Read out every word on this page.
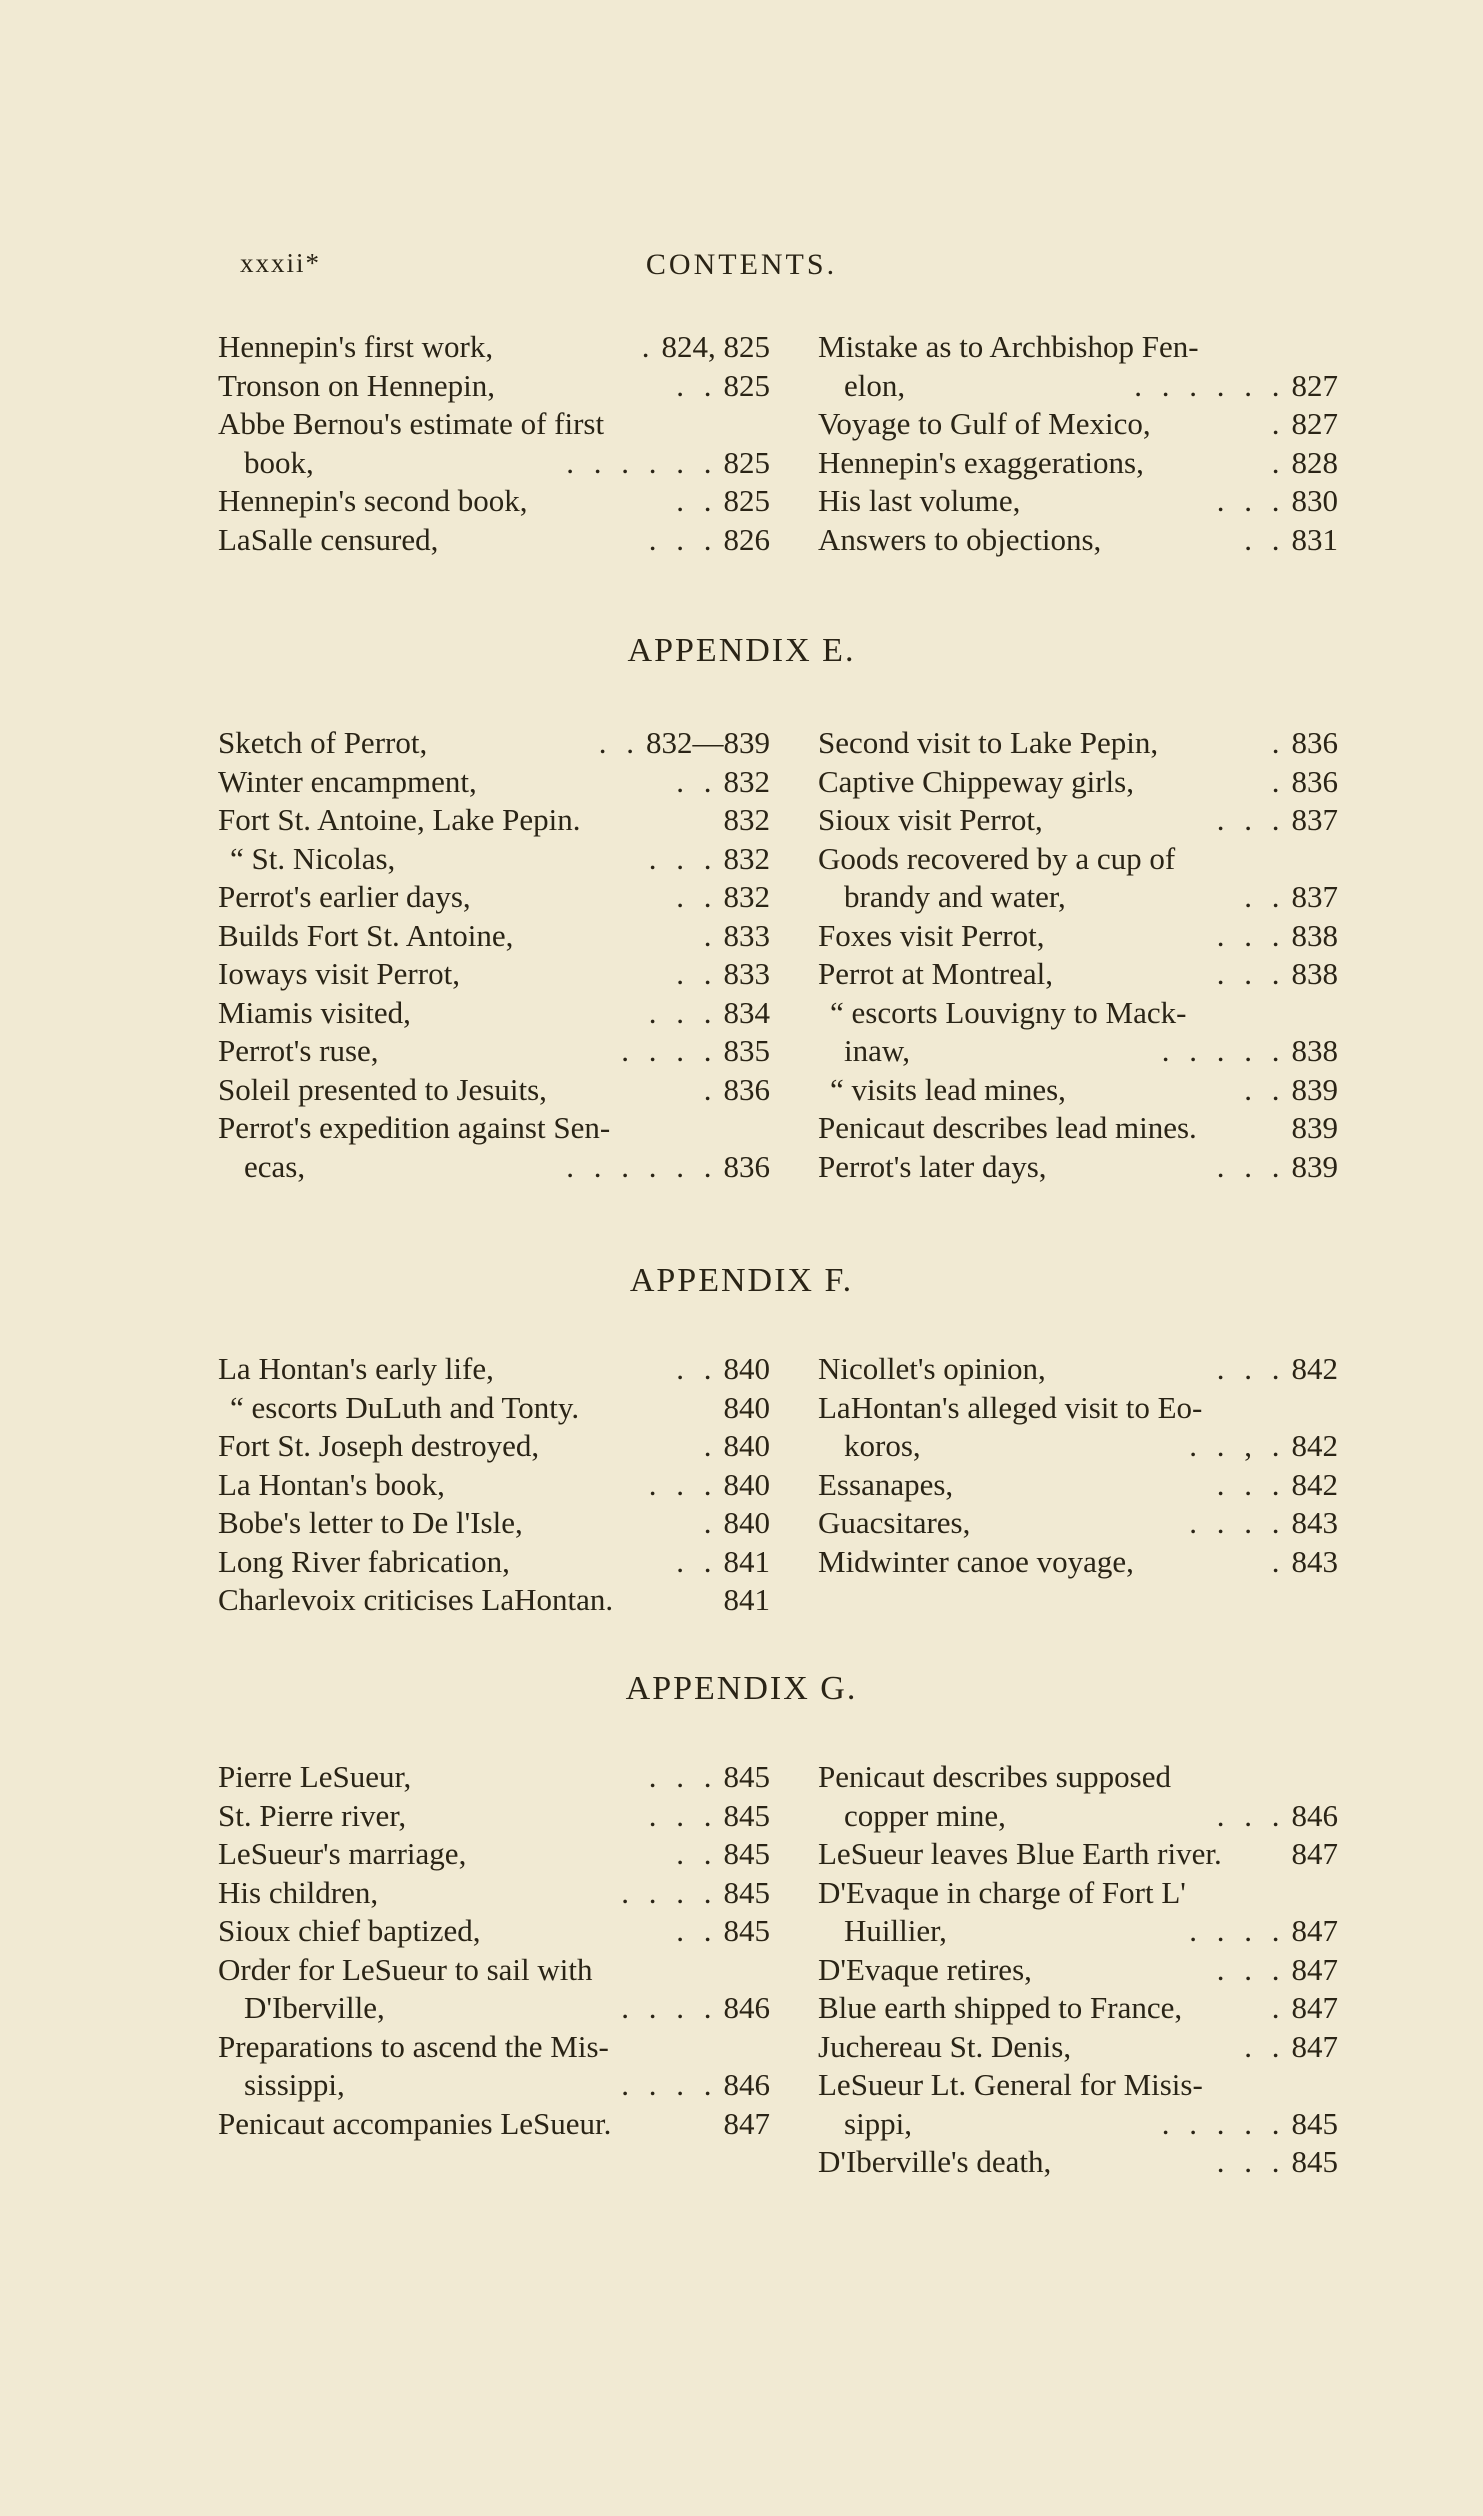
xxxii*	CONTENTS.
Hennepin's first work,	. 824, 825
Tronson on Hennepin,	. . 825
Abbe Bernou's estimate of first
book,	. . . . . . 825
Hennepin's second book,	. . 825
LaSalle censured,	. . . 826
Mistake as to Archbishop Fen-
elon,	. . . . . . 827
Voyage to Gulf of Mexico,	. 827
Hennepin's exaggerations,	. 828
His last volume,	. . . 830
Answers to objections,	. . 831
APPENDIX E.
Sketch of Perrot,	. . 832—839
Winter encampment,	. . 832
Fort St. Antoine, Lake Pepin.	832
“ St. Nicolas,	. . . 832
Perrot's earlier days,	. . 832
Builds Fort St. Antoine,	. 833
Ioways visit Perrot,	. . 833
Miamis visited,	. . . 834
Perrot's ruse,	. . . . 835
Soleil presented to Jesuits,	. 836
Perrot's expedition against Sen-
ecas,	. . . . . . 836
Second visit to Lake Pepin,	. 836
Captive Chippeway girls,	. 836
Sioux visit Perrot,	. . . 837
Goods recovered by a cup of
brandy and water,	. . 837
Foxes visit Perrot,	. . . 838
Perrot at Montreal,	. . . 838
“ escorts Louvigny to Mack-
inaw,	. . . . . 838
“ visits lead mines,	. . 839
Penicaut describes lead mines.	839
Perrot's later days,	. . . 839
APPENDIX F.
La Hontan's early life,	. . 840
“ escorts DuLuth and Tonty.	840
Fort St. Joseph destroyed,	. 840
La Hontan's book,	. . . 840
Bobe's letter to De l'Isle,	. 840
Long River fabrication,	. . 841
Charlevoix criticises LaHontan.	841
Nicollet's opinion,	. . . 842
LaHontan's alleged visit to Eo-
koros,	. . , . 842
Essanapes,	. . . 842
Guacsitares,	. . . . 843
Midwinter canoe voyage,	. 843
APPENDIX G.
Pierre LeSueur,	. . . 845
St. Pierre river,	. . . 845
LeSueur's marriage,	. . 845
His children,	. . . . 845
Sioux chief baptized,	. . 845
Order for LeSueur to sail with
D'Iberville,	. . . . 846
Preparations to ascend the Mis-
sissippi,	. . . . 846
Penicaut accompanies LeSueur.	847
Penicaut describes supposed
copper mine,	. . . 846
LeSueur leaves Blue Earth river. 847
D'Evaque in charge of Fort L'
Huillier,	. . . . 847
D'Evaque retires,	. . . 847
Blue earth shipped to France,	. 847
Juchereau St. Denis,	. . 847
LeSueur Lt. General for Misis-
sippi,	. . . . . 845
D'Iberville's death,	. . . 845
